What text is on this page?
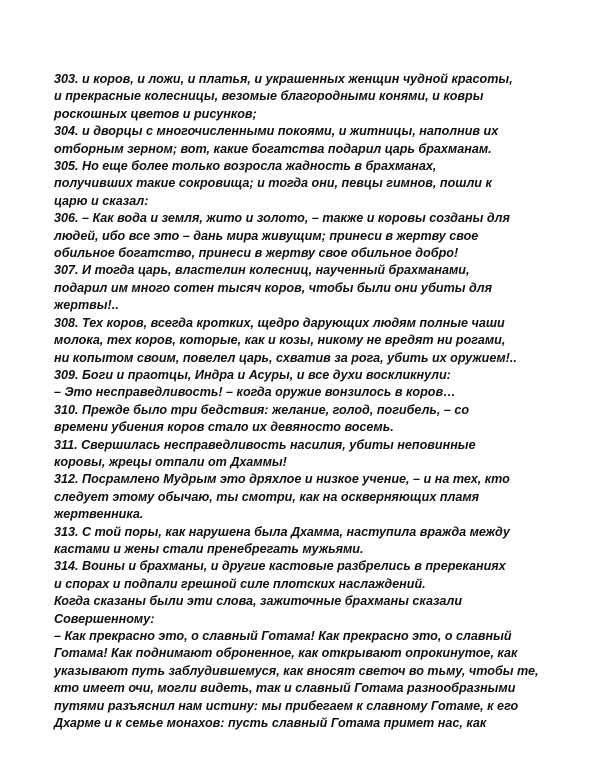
303. и коров, и ложи, и платья, и украшенных женщин чудной красоты,
и прекрасные колесницы, везомые благородными конями, и ковры
роскошных цветов и рисунков;
304. и дворцы с многочисленными покоями, и житницы, наполнив их
отборным зерном; вот, какие богатства подарил царь брахманам.
305. Но еще более только возросла жадность в брахманах,
получивших такие сокровища; и тогда они, певцы гимнов, пошли к
царю и сказал:
306. – Как вода и земля, жито и золото, – также и коровы созданы для
людей, ибо все это – дань мира живущим; принеси в жертву свое
обильное богатство, принеси в жертву свое обильное добро!
307. И тогда царь, властелин колесниц, наученный брахманами,
подарил им много сотен тысяч коров, чтобы были они убиты для
жертвы!..
308. Тех коров, всегда кротких, щедро дарующих людям полные чаши
молока, тех коров, которые, как и козы, никому не вредят ни рогами,
ни копытом своим, повелел царь, схватив за рога, убить их оружием!..
309. Боги и праотцы, Индра и Асуры, и все духи воскликнули:
– Это несправедливость! – когда оружие вонзилось в коров…
310. Прежде было три бедствия: желание, голод, погибель, – со
времени убиения коров стало их девяносто восемь.
311. Свершилась несправедливость насилия, убиты неповинные
коровы, жрецы отпали от Дхаммы!
312. Посрамлено Мудрым это дряхлое и низкое учение, – и на тех, кто
следует этому обычаю, ты смотри, как на оскверняющих пламя
жертвенника.
313. С той поры, как нарушена была Дхамма, наступила вражда между
кастами и жены стали пренебрегать мужьями.
314. Воины и брахманы, и другие кастовые разбрелись в пререканиях
и спорах и подпали грешной силе плотских наслаждений.
Когда сказаны были эти слова, зажиточные брахманы сказали
Совершенному:
– Как прекрасно это, о славный Готама! Как прекрасно это, о славный
Готама! Как поднимают оброненное, как открывают опрокинутое, как
указывают путь заблудившемуся, как вносят светоч во тьму, чтобы те,
кто имеет очи, могли видеть, так и славный Готама разнообразными
путями разъяснил нам истину: мы прибегаем к славному Готаме, к его
Дхарме и к семье монахов: пусть славный Готама примет нас, как
